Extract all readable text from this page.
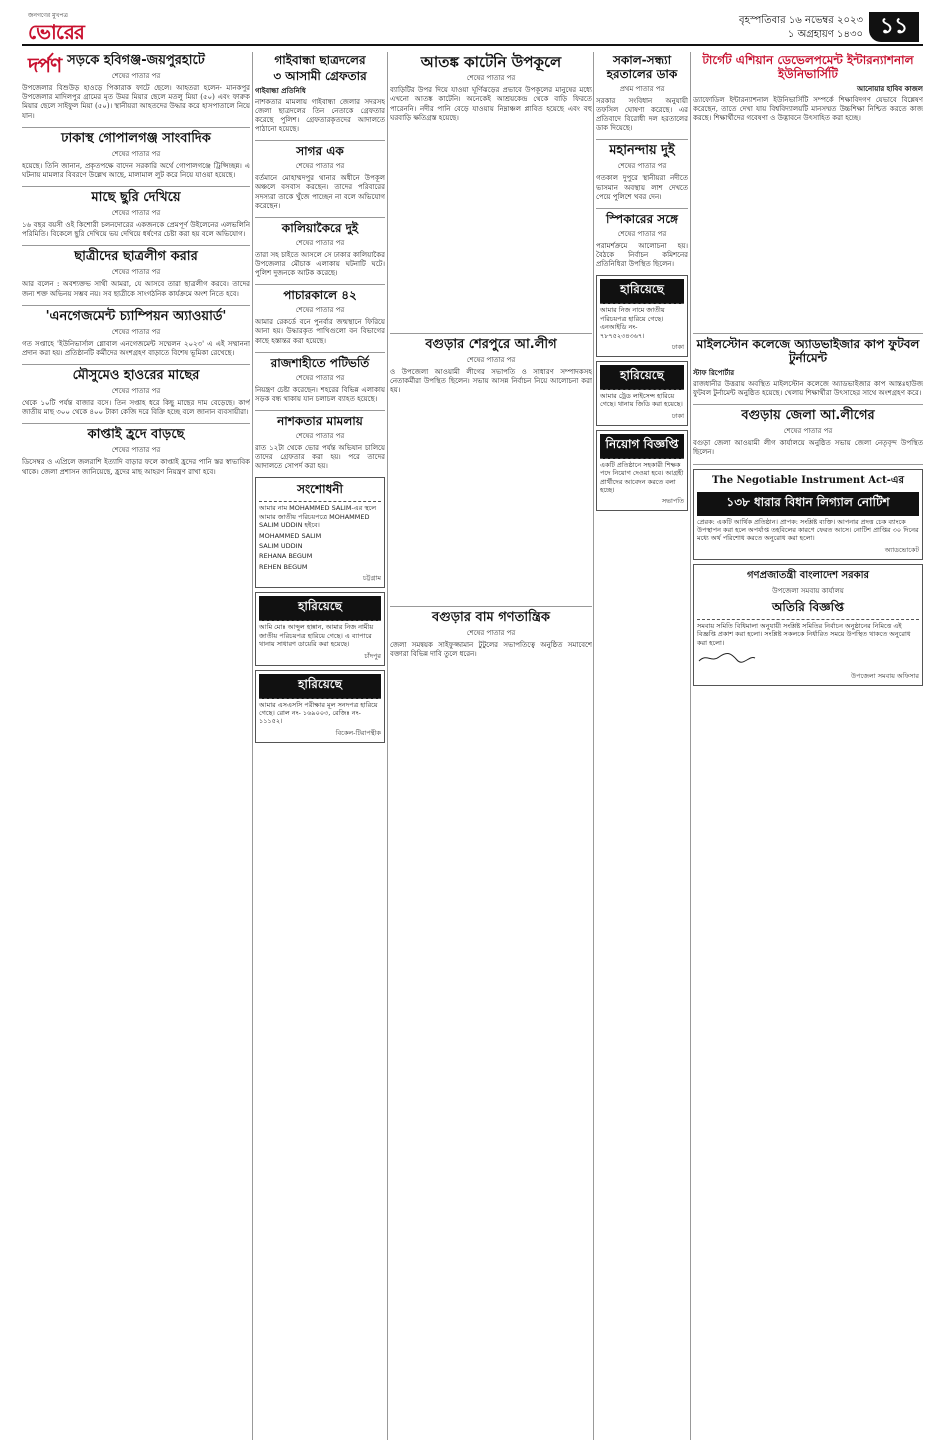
জনগণের মুখপত্র
ভোরের দর্পণ
বৃহস্পতিবার ১৬ নভেম্বর ২০২৩
১ অগ্রহায়ণ ১৪৩০ ১১
সড়কে হবিগঞ্জ-জয়পুরহাটে
শেষের পাতার পর
উপজেলার বিশুউড় হাওড়ে পিকারাক ফাটে ছেলে। আহতরা হলেন- মানকপুর উপজেলার মাদিলপুর গ্রামের মৃত উমর মিয়ার ছেলে মতলু মিয়া (৫০) এবং ফারুক মিয়ার ছেলে সাইফুল মিয়া (৫০)। স্থানীয়রা আহতদের উদ্ধার করে হাসপাতালে নিয়ে যান।
ঢাকাস্থ গোপালগঞ্জ সাংবাদিক
শেষের পাতার পর
হয়েছে। তিনি জানান, প্রকৃতপক্ষে বাদেন সরকারি অর্থে গোপালগঞ্জে ট্রিপ্সিচ্ছন্ন। এ ঘটনায় মামলার বিবরণে উল্লেখ আছে, মালামাল লুট করে নিয়ে যাওয়া হয়েছে।
মাছে ছুরি দেখিয়ে
শেষের পাতার পর
১৬ বছর বয়সী ওই কিশোরী চলনদোরের একজনকে প্রেমপূর্ণ উইলেনের এলভলিনি পরিমিতি। বিকেলে ছুরি দেখিয়ে ভয় দেখিয়ে ধর্ষণের চেষ্টা করা হয় বলে অভিযোগ।
ছাত্রীদের ছাত্রলীগ করার
শেষের পাতার পর
আর বলেন : অবশ্যক্তভ সাথী আমরা, যে আসবে তারা ছাত্রলীগ করবে। তাদের জন্য শক্ত অভিনয় সম্ভব নয়। সব ছাত্রীকে সাংগঠনিক কার্যক্রমে অংশ নিতে হবে।
'এনগেজমেন্ট চ্যাম্পিয়ন অ্যাওয়ার্ড'
শেষের পাতার পর
গত সপ্তাহে 'ইউনিভার্সাল গ্লোবাল এনগেজমেন্ট সম্মেলন ২০২৩' এ এই সম্মাননা প্রদান করা হয়। প্রতিষ্ঠানটি কর্মীদের অংশগ্রহণ বাড়াতে বিশেষ ভূমিকা রেখেছে।
মৌসুমেও হাওরের মাছের
শেষের পাতার পর
থেকে ১০টি পর্যন্ত বাজার বসে। তিন সপ্তাহ ধরে কিছু মাছের দাম বেড়েছে। কার্প জাতীয় মাছ ৩০০ থেকে ৪০০ টাকা কেজি দরে বিক্রি হচ্ছে বলে জানান ব্যবসায়ীরা।
কাপ্তাই হ্রদে বাড়ছে
শেষের পাতার পর
ডিসেম্বর ও এপ্রিলে জলরাশি ইত্যাদি বাড়ার ফলে কাপ্তাই হ্রদের পানি স্তর স্বাভাবিক থাকে। জেলা প্রশাসন জানিয়েছে, হ্রদের মাছ আহরণ নিয়ন্ত্রণ রাখা হবে।
গাইবান্ধা ছাত্রদলের
৩ আসামী গ্রেফতার
গাইবান্ধা প্রতিনিধি
নাশকতার মামলায় গাইবান্ধা জেলার সদরসহ জেলা ছাত্রদলের তিন নেতাকে গ্রেফতার করেছে পুলিশ। গ্রেফতারকৃতদের আদালতে পাঠানো হয়েছে।
সাগর এক
শেষের পাতার পর
বর্তমানে মোহাম্মদপুর থানার অধীনে উপকূল অঞ্চলে বসবাস করছেন। তাদের পরিবারের সদস্যরা তাকে খুঁজে পাচ্ছেন না বলে অভিযোগ করেছেন।
কালিয়াকৈরে দুই
শেষের পাতার পর
তারা সহ চাইতে আসলে সে ঢাকার কালিয়াকৈর উপজেলার মৌচাক এলাকায় ঘটনাটি ঘটে। পুলিশ দুজনকে আটক করেছে।
পাচারকালে ৪২
শেষের পাতার পর
আমার রেকর্ডে বনে পুনর্বার জন্মস্থানে ফিরিয়ে আনা হয়। উদ্ধারকৃত পাখিগুলো বন বিভাগের কাছে হস্তান্তর করা হয়েছে।
রাজশাহীতে পটিভর্তি
শেষের পাতার পর
নিয়ন্ত্রণ চেষ্টা করেছেন। শহরের বিভিন্ন এলাকায় সড়ক বন্ধ থাকায় যান চলাচল ব্যাহত হয়েছে।
নাশকতার মামলায়
শেষের পাতার পর
রাত ১২টা থেকে ভোর পর্যন্ত অভিযান চালিয়ে তাদের গ্রেফতার করা হয়। পরে তাদের আদালতে সোপর্দ করা হয়।
সংশোধনী
আমার নাম MOHAMMED SALIM-এর স্থলে আমার জাতীয় পরিচয়পত্রে MOHAMMED SALIM UDDIN হইবে।
MOHAMMED SALIM
SALIM UDDIN
REHANA BEGUM
REHEN BEGUM
চট্টগ্রাম
হারিয়েছে
আমি মোঃ আব্দুল হান্নান, আমার নিজ নামীয় জাতীয় পরিচয়পত্র হারিয়ে গেছে। এ ব্যাপারে থানায় সাধারণ ডায়েরি করা হয়েছে।
চাঁদপুর
হারিয়েছে
আমার এসএসসি পরীক্ষার মূল সনদপত্র হারিয়ে গেছে। রোল নং- ১৬৯০০৩, রেজিঃ নং- ১১১৫২।
বিকেল-টিরাপন্থীক
আতঙ্ক কাটেনি উপকূলে
শেষের পাতার পর
ব্যাড়িটির উপর দিয়ে যাওয়া ঘূর্ণিঝড়ের প্রভাবে উপকূলের মানুষের মধ্যে এখনো আতঙ্ক কাটেনি। অনেকেই আশ্রয়কেন্দ্র থেকে বাড়ি ফিরতে পারেননি। নদীর পানি বেড়ে যাওয়ায় নিম্নাঞ্চল প্লাবিত হয়েছে এবং বহু ঘরবাড়ি ক্ষতিগ্রস্ত হয়েছে।
বগুড়ার শেরপুরে আ.লীগ
শেষের পাতার পর
ও উপজেলা আওয়ামী লীগের সভাপতি ও সাধারণ সম্পাদকসহ নেতাকর্মীরা উপস্থিত ছিলেন। সভায় আসন্ন নির্বাচন নিয়ে আলোচনা করা হয়।
বগুড়ার বাম গণতান্ত্রিক
শেষের পাতার পর
জেলা সমন্বয়ক সাইফুজ্জামান টুটুলের সভাপতিত্বে অনুষ্ঠিত সমাবেশে বক্তারা বিভিন্ন দাবি তুলে ধরেন।
সকাল-সন্ধ্যা হরতালের ডাক
প্রথম পাতার পর
সরকার সংবিধান অনুযায়ী তফসিল ঘোষণা করেছে। এর প্রতিবাদে বিরোধী দল হরতালের ডাক দিয়েছে।
মহানন্দায় দুই
শেষের পাতার পর
গতকাল দুপুরে স্থানীয়রা নদীতে ভাসমান অবস্থায় লাশ দেখতে পেয়ে পুলিশে খবর দেন।
স্পিকারের সঙ্গে
শেষের পাতার পর
পরামর্শক্রমে আলোচনা হয়। বৈঠকে নির্বাচন কমিশনের প্রতিনিধিরা উপস্থিত ছিলেন।
হারিয়েছে
আমার নিজ নামে জাতীয় পরিচয়পত্র হারিয়ে গেছে। এনআইডি নং- ৭৮৭৫২৩৪৩৬৭।
ঢাকা
হারিয়েছে
আমার ট্রেড লাইসেন্স হারিয়ে গেছে। থানায় জিডি করা হয়েছে।
ঢাকা
নিয়োগ বিজ্ঞপ্তি
একটি প্রতিষ্ঠানে সহকারী শিক্ষক পদে নিয়োগ দেওয়া হবে। আগ্রহী প্রার্থীদের আবেদন করতে বলা হচ্ছে।
সভাপতি
টার্গেট এশিয়ান ডেভেলপমেন্ট ইন্টারন্যাশনাল ইউনিভার্সিটি
আনোয়ার হাবিব কাজল
ড্যাফোডিল ইন্টারন্যাশনাল ইউনিভার্সিটি সম্পর্কে শিক্ষাবিদগণ যেভাবে বিশ্লেষণ করেছেন, তাতে দেখা যায় বিশ্ববিদ্যালয়টি মানসম্মত উচ্চশিক্ষা নিশ্চিত করতে কাজ করছে। শিক্ষার্থীদের গবেষণা ও উদ্ভাবনে উৎসাহিত করা হচ্ছে।
মাইলস্টোন কলেজে অ্যাডভাইজার কাপ ফুটবল টুর্নামেন্ট
স্টাফ রিপোর্টার
রাজধানীর উত্তরায় অবস্থিত মাইলস্টোন কলেজে অ্যাডভাইজার কাপ আন্তঃহাউজ ফুটবল টুর্নামেন্ট অনুষ্ঠিত হয়েছে। খেলায় শিক্ষার্থীরা উৎসাহের সাথে অংশগ্রহণ করে।
বগুড়ায় জেলা আ.লীগের
শেষের পাতার পর
বগুড়া জেলা আওয়ামী লীগ কার্যালয়ে অনুষ্ঠিত সভায় জেলা নেতৃবৃন্দ উপস্থিত ছিলেন।
The Negotiable Instrument Act-এর
১৩৮ ধারার বিধান লিগ্যাল নোটিশ
প্রেরক: একটি আর্থিক প্রতিষ্ঠান। প্রাপক: সংশ্লিষ্ট ব্যক্তি। আপনার প্রদত্ত চেক ব্যাংকে উপস্থাপন করা হলে অপর্যাপ্ত তহবিলের কারণে ফেরত আসে। নোটিশ প্রাপ্তির ৩০ দিনের মধ্যে অর্থ পরিশোধ করতে অনুরোধ করা হলো।
অ্যাডভোকেট
গণপ্রজাতন্ত্রী বাংলাদেশ সরকার
উপজেলা সমবায় কার্যালয়
অতিরি বিজ্ঞপ্তি
সমবায় সমিতি বিধিমালা অনুযায়ী সংশ্লিষ্ট সমিতির নির্বাচন অনুষ্ঠানের নিমিত্তে এই বিজ্ঞপ্তি প্রকাশ করা হলো। সংশ্লিষ্ট সকলকে নির্ধারিত সময়ে উপস্থিত থাকতে অনুরোধ করা হলো।
উপজেলা সমবায় অফিসার
